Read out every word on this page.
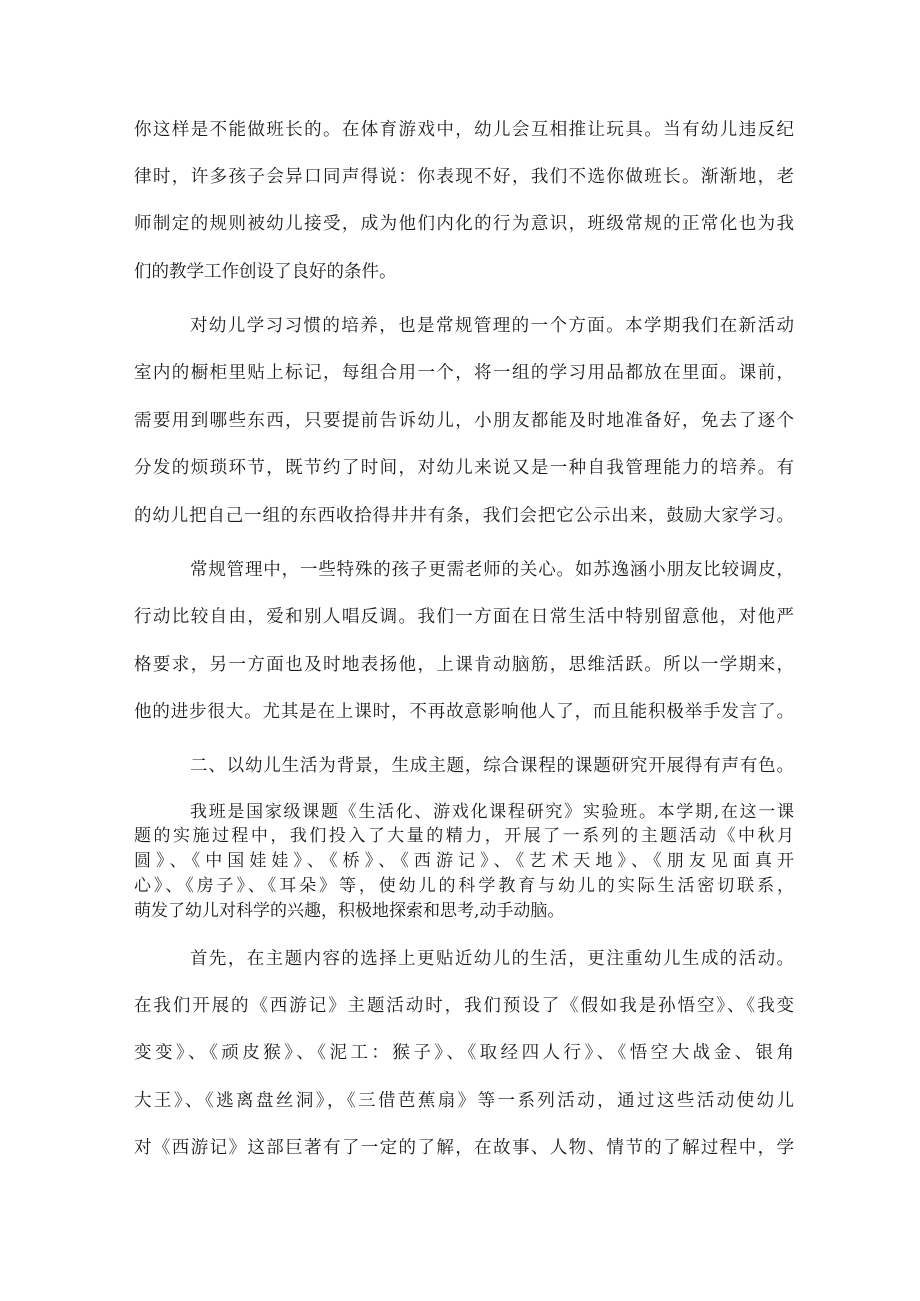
你这样是不能做班长的。在体育游戏中，幼儿会互相推让玩具。当有幼儿违反纪
律时，许多孩子会异口同声得说：你表现不好，我们不选你做班长。渐渐地，老
师制定的规则被幼儿接受，成为他们内化的行为意识，班级常规的正常化也为我
们的教学工作创设了良好的条件。
对幼儿学习习惯的培养，也是常规管理的一个方面。本学期我们在新活动
室内的橱柜里贴上标记，每组合用一个，将一组的学习用品都放在里面。课前，
需要用到哪些东西，只要提前告诉幼儿，小朋友都能及时地准备好，免去了逐个
分发的烦琐环节，既节约了时间，对幼儿来说又是一种自我管理能力的培养。有
的幼儿把自己一组的东西收拾得井井有条，我们会把它公示出来，鼓励大家学习。
常规管理中，一些特殊的孩子更需老师的关心。如苏逸涵小朋友比较调皮，
行动比较自由，爱和别人唱反调。我们一方面在日常生活中特别留意他，对他严
格要求，另一方面也及时地表扬他，上课肯动脑筋，思维活跃。所以一学期来，
他的进步很大。尤其是在上课时，不再故意影响他人了，而且能积极举手发言了。
二、以幼儿生活为背景，生成主题，综合课程的课题研究开展得有声有色。
我班是国家级课题《生活化、游戏化课程研究》实验班。本学期,在这一课
题的实施过程中，我们投入了大量的精力，开展了一系列的主题活动《中秋月
圆》、《中国娃娃》、《桥》、《西游记》、《艺术天地》、《朋友见面真开
心》、《房子》、《耳朵》等，使幼儿的科学教育与幼儿的实际生活密切联系，
萌发了幼儿对科学的兴趣，积极地探索和思考,动手动脑。
首先，在主题内容的选择上更贴近幼儿的生活，更注重幼儿生成的活动。
在我们开展的《西游记》主题活动时，我们预设了《假如我是孙悟空》、《我变
变变》、《顽皮猴》、《泥工：猴子》、《取经四人行》、《悟空大战金、银角
大王》、《逃离盘丝洞》，《三借芭蕉扇》等一系列活动，通过这些活动使幼儿
对《西游记》这部巨著有了一定的了解，在故事、人物、情节的了解过程中，学
